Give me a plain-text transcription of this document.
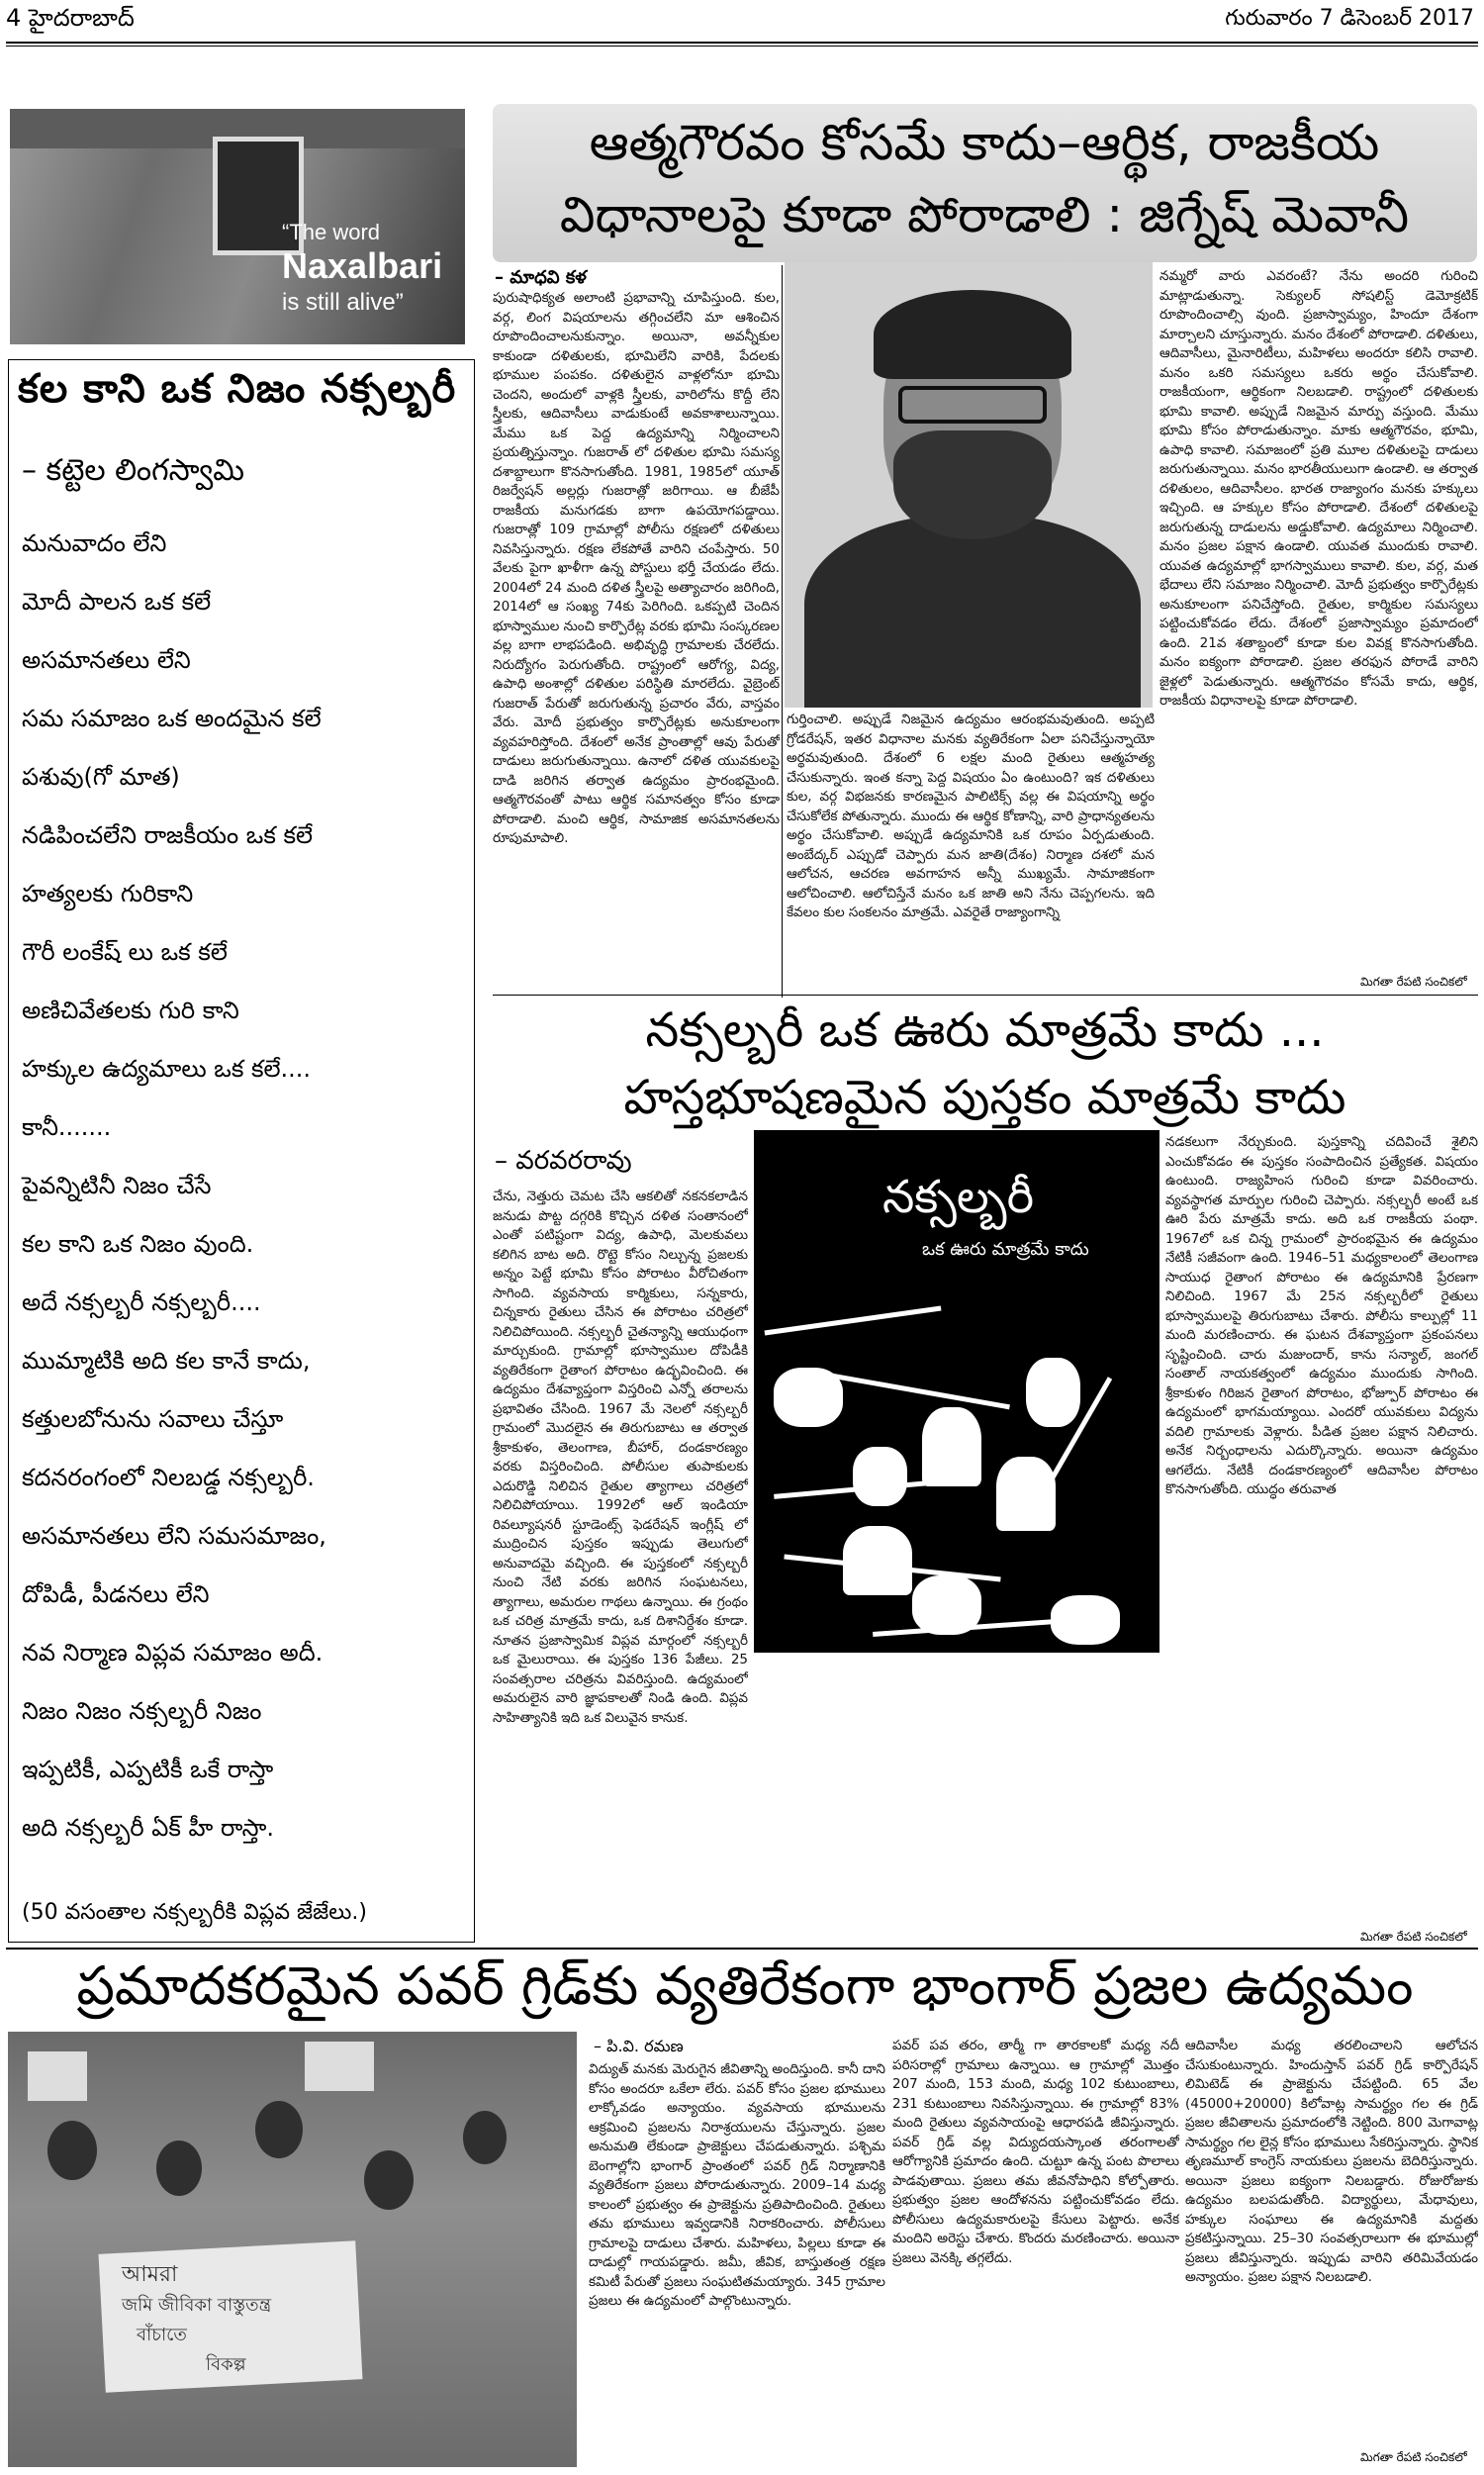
4 హైదరాబాద్	గురువారం 7 డిసెంబర్ 2017
“The word
Naxalbari
is still alive”
కల కాని ఒక నిజం నక్సల్బరీ
– కట్టెల లింగస్వామి
మనువాదం లేని
మోదీ పాలన ఒక కలే
అసమానతలు లేని
సమ సమాజం ఒక అందమైన కలే
పశువు(గో మాత)
నడిపించలేని రాజకీయం ఒక కలే
హత్యలకు గురికాని
గౌరీ లంకేష్ లు ఒక కలే
అణిచివేతలకు గురి కాని
హక్కుల ఉద్యమాలు ఒక కలే....
కానీ.......
పైవన్నిటినీ నిజం చేసే
కల కాని ఒక నిజం వుంది.
అదే నక్సల్బరీ నక్సల్బరీ....
ముమ్మాటికి అది కల కానే కాదు,
కత్తులబోనును సవాలు చేస్తూ
కదనరంగంలో నిలబడ్డ నక్సల్బరీ.
అసమానతలు లేని సమసమాజం,
దోపిడీ, పీడనలు లేని
నవ నిర్మాణ విప్లవ సమాజం అదీ.
నిజం నిజం నక్సల్బరీ నిజం
ఇప్పటికీ, ఎప్పటికీ ఒకే రాస్తా
అది నక్సల్బరీ ఏక్ హీ రాస్తా.
(50 వసంతాల నక్సల్బరీకి విప్లవ జేజేలు.)
ఆత్మగౌరవం కోసమే కాదు–ఆర్థిక, రాజకీయ
విధానాలపై కూడా పోరాడాలి : జిగ్నేష్ మెవానీ
– మాధవి కళ
పురుషాధిక్యత అలాంటి ప్రభావాన్ని చూపిస్తుంది. కుల, వర్గ, లింగ విషయాలను తగ్గించలేని మా ఆశించిన రూపొందించాలనుకున్నాం. అయినా, అవన్నీకుల కాకుండా దళితులకు, భూమిలేని వారికి, పేదలకు భూముల పంపకం. దళితులైన వాళ్లలోనూ భూమి చెందని, అందులో వాళ్లకి స్త్రీలకు, వారిలోను కొద్దీ లేని స్త్రీలకు, ఆదివాసీలు వాడుకుంటే అవకాశాలున్నాయి. మేము ఒక పెద్ద ఉద్యమాన్ని నిర్మించాలని ప్రయత్నిస్తున్నాం. గుజరాత్ లో దళితుల భూమి సమస్య దశాబ్దాలుగా కొనసాగుతోంది. 1981, 1985లో యూత్ రిజర్వేషన్ అల్లర్లు గుజరాత్లో జరిగాయి. ఆ బీజేపీ రాజకీయ మనుగడకు బాగా ఉపయోగపడ్డాయి. గుజరాత్లో 109 గ్రామాల్లో పోలీసు రక్షణలో దళితులు నివసిస్తున్నారు. రక్షణ లేకపోతే వారిని చంపేస్తారు. 50 వేలకు పైగా ఖాళీగా ఉన్న పోస్టులు భర్తీ చేయడం లేదు. 2004లో 24 మంది దళిత స్త్రీలపై అత్యాచారం జరిగింది, 2014లో ఆ సంఖ్య 74కు పెరిగింది. ఒకప్పటి చెందిన భూస్వాముల నుంచి కార్పొరేట్ల వరకు భూమి సంస్కరణల వల్ల బాగా లాభపడింది. అభివృద్ధి గ్రామాలకు చేరలేదు. నిరుద్యోగం పెరుగుతోంది. రాష్ట్రంలో ఆరోగ్య, విద్య, ఉపాధి అంశాల్లో దళితుల పరిస్థితి మారలేదు. వైబ్రెంట్ గుజరాత్ పేరుతో జరుగుతున్న ప్రచారం వేరు, వాస్తవం వేరు. మోదీ ప్రభుత్వం కార్పొరేట్లకు అనుకూలంగా వ్యవహరిస్తోంది. దేశంలో అనేక ప్రాంతాల్లో ఆవు పేరుతో దాడులు జరుగుతున్నాయి. ఉనాలో దళిత యువకులపై దాడి జరిగిన తర్వాత ఉద్యమం ప్రారంభమైంది. ఆత్మగౌరవంతో పాటు ఆర్థిక సమానత్వం కోసం కూడా పోరాడాలి. మంచి ఆర్థిక, సామాజిక అసమానతలను రూపుమాపాలి.
గుర్తించాలి. అప్పుడే నిజమైన ఉద్యమం ఆరంభమవుతుంది. అప్పటి గ్రోడరేషన్, ఇతర విధానాల మనకు వ్యతిరేకంగా ఏలా పనిచేస్తున్నాయో అర్థమవుతుంది. దేశంలో 6 లక్షల మంది రైతులు ఆత్మహత్య చేసుకున్నారు. ఇంత కన్నా పెద్ద విషయం ఏం ఉంటుంది? ఇక దళితులు కుల, వర్గ విభజనకు కారణమైన పాలిటిక్స్ వల్ల ఈ విషయాన్ని అర్థం చేసుకోలేక పోతున్నారు. ముందు ఈ ఆర్థిక కోణాన్ని, వారి ప్రాధాన్యతలను అర్థం చేసుకోవాలి. అప్పుడే ఉద్యమానికి ఒక రూపం ఏర్పడుతుంది. అంబేద్కర్ ఎప్పుడో చెప్పారు మన జాతి(దేశం) నిర్మాణ దశలో మన ఆలోచన, ఆచరణ అవగాహన అన్నీ ముఖ్యమే. సామాజికంగా ఆలోచించాలి. ఆలోచిస్తేనే మనం ఒక జాతి అని నేను చెప్పగలను. ఇది కేవలం కుల సంకలనం మాత్రమే. ఎవరైతే రాజ్యాంగాన్ని
నమ్మరో వారు ఎవరంటే? నేను అందరి గురించి మాట్లాడుతున్నా. సెక్యులర్ సోషలిస్ట్ డెమోక్రటిక్ రూపొందించాల్సి వుంది. ప్రజాస్వామ్యం, హిందూ దేశంగా మార్చాలని చూస్తున్నారు. మనం దేశంలో పోరాడాలి. దళితులు, ఆదివాసీలు, మైనారిటీలు, మహిళలు అందరూ కలిసి రావాలి. మనం ఒకరి సమస్యలు ఒకరు అర్థం చేసుకోవాలి. రాజకీయంగా, ఆర్థికంగా నిలబడాలి. రాష్ట్రంలో దళితులకు భూమి కావాలి. అప్పుడే నిజమైన మార్పు వస్తుంది. మేము భూమి కోసం పోరాడుతున్నాం. మాకు ఆత్మగౌరవం, భూమి, ఉపాధి కావాలి. సమాజంలో ప్రతి మూల దళితులపై దాడులు జరుగుతున్నాయి. మనం భారతీయులుగా ఉండాలి. ఆ తర్వాత దళితులం, ఆదివాసీలం. భారత రాజ్యాంగం మనకు హక్కులు ఇచ్చింది. ఆ హక్కుల కోసం పోరాడాలి. దేశంలో దళితులపై జరుగుతున్న దాడులను అడ్డుకోవాలి. ఉద్యమాలు నిర్మించాలి. మనం ప్రజల పక్షాన ఉండాలి. యువత ముందుకు రావాలి. యువత ఉద్యమాల్లో భాగస్వాములు కావాలి. కుల, వర్గ, మత భేదాలు లేని సమాజం నిర్మించాలి. మోదీ ప్రభుత్వం కార్పొరేట్లకు అనుకూలంగా పనిచేస్తోంది. రైతుల, కార్మికుల సమస్యలు పట్టించుకోవడం లేదు. దేశంలో ప్రజాస్వామ్యం ప్రమాదంలో ఉంది. 21వ శతాబ్దంలో కూడా కుల వివక్ష కొనసాగుతోంది. మనం ఐక్యంగా పోరాడాలి. ప్రజల తరఫున పోరాడే వారిని జైళ్లలో పెడుతున్నారు. ఆత్మగౌరవం కోసమే కాదు, ఆర్థిక, రాజకీయ విధానాలపై కూడా పోరాడాలి.
మిగతా రేపటి సంచికలో
నక్సల్బరీ ఒక ఊరు మాత్రమే కాదు ...
హస్తభూషణమైన పుస్తకం మాత్రమే కాదు
– వరవరరావు
చేను, నెత్తురు చెమట చేసి ఆకలితో నకనకలాడిన జనుడు పొట్ట దగ్గరికి కొచ్చిన దళిత సంతానంలో ఎంతో పటిష్టంగా విద్య, ఉపాధి, మెలకువలు కలిగిన బాట అది. రొట్టె కోసం నిల్చున్న ప్రజలకు అన్నం పెట్టే భూమి కోసం పోరాటం వీరోచితంగా సాగింది. వ్యవసాయ కార్మికులు, సన్నకారు, చిన్నకారు రైతులు చేసిన ఈ పోరాటం చరిత్రలో నిలిచిపోయింది. నక్సల్బరీ చైతన్యాన్ని ఆయుధంగా మార్చుకుంది. గ్రామాల్లో భూస్వాముల దోపిడీకి వ్యతిరేకంగా రైతాంగ పోరాటం ఉద్భవించింది. ఈ ఉద్యమం దేశవ్యాప్తంగా విస్తరించి ఎన్నో తరాలను ప్రభావితం చేసింది. 1967 మే నెలలో నక్సల్బరీ గ్రామంలో మొదలైన ఈ తిరుగుబాటు ఆ తర్వాత శ్రీకాకుళం, తెలంగాణ, బీహార్, దండకారణ్యం వరకు విస్తరించింది. పోలీసుల తుపాకులకు ఎదురొడ్డి నిలిచిన రైతుల త్యాగాలు చరిత్రలో నిలిచిపోయాయి. 1992లో ఆల్ ఇండియా రివల్యూషనరీ స్టూడెంట్స్ ఫెడరేషన్ ఇంగ్లీష్ లో ముద్రించిన పుస్తకం ఇప్పుడు తెలుగులో అనువాదమై వచ్చింది. ఈ పుస్తకంలో నక్సల్బరీ నుంచి నేటి వరకు జరిగిన సంఘటనలు, త్యాగాలు, అమరుల గాథలు ఉన్నాయి. ఈ గ్రంథం ఒక చరిత్ర మాత్రమే కాదు, ఒక దిశానిర్దేశం కూడా. నూతన ప్రజాస్వామిక విప్లవ మార్గంలో నక్సల్బరీ ఒక మైలురాయి. ఈ పుస్తకం 136 పేజీలు. 25 సంవత్సరాల చరిత్రను వివరిస్తుంది. ఉద్యమంలో అమరులైన వారి జ్ఞాపకాలతో నిండి ఉంది. విప్లవ సాహిత్యానికి ఇది ఒక విలువైన కానుక.
నక్సల్బరీ
ఒక ఊరు మాత్రమే కాదు
నడకలుగా నేర్చుకుంది. పుస్తకాన్ని చదివించే శైలిని ఎంచుకోవడం ఈ పుస్తకం సంపాదించిన ప్రత్యేకత. విషయం ఉంటుంది. రాజ్యహింస గురించి కూడా వివరించారు. వ్యవస్థాగత మార్పుల గురించి చెప్పారు. నక్సల్బరీ అంటే ఒక ఊరి పేరు మాత్రమే కాదు. అది ఒక రాజకీయ పంథా. 1967లో ఒక చిన్న గ్రామంలో ప్రారంభమైన ఈ ఉద్యమం నేటికీ సజీవంగా ఉంది. 1946–51 మధ్యకాలంలో తెలంగాణ సాయుధ రైతాంగ పోరాటం ఈ ఉద్యమానికి ప్రేరణగా నిలిచింది. 1967 మే 25న నక్సల్బరీలో రైతులు భూస్వాములపై తిరుగుబాటు చేశారు. పోలీసు కాల్పుల్లో 11 మంది మరణించారు. ఈ ఘటన దేశవ్యాప్తంగా ప్రకంపనలు సృష్టించింది. చారు మజుందార్, కాను సన్యాల్, జంగల్ సంతాల్ నాయకత్వంలో ఉద్యమం ముందుకు సాగింది. శ్రీకాకుళం గిరిజన రైతాంగ పోరాటం, భోజ్పూర్ పోరాటం ఈ ఉద్యమంలో భాగమయ్యాయి. ఎందరో యువకులు విద్యను వదిలి గ్రామాలకు వెళ్లారు. పీడిత ప్రజల పక్షాన నిలిచారు. అనేక నిర్బంధాలను ఎదుర్కొన్నారు. అయినా ఉద్యమం ఆగలేదు. నేటికీ దండకారణ్యంలో ఆదివాసీల పోరాటం కొనసాగుతోంది. యుద్ధం తరువాత
మిగతా రేపటి సంచికలో
ప్రమాదకరమైన పవర్ గ్రిడ్‌కు వ్యతిరేకంగా భాంగార్ ప్రజల ఉద్యమం
আমরা
জমি জীবিকা বাস্তুতন্ত্র
বাঁচাতে
বিকল্প
– పి.వి. రమణ
విద్యుత్ మనకు మెరుగైన జీవితాన్ని అందిస్తుంది. కానీ దాని కోసం అందరూ ఒకేలా లేరు. పవర్ కోసం ప్రజల భూములు లాక్కోవడం అన్యాయం. వ్యవసాయ భూములను ఆక్రమించి ప్రజలను నిరాశ్రయులను చేస్తున్నారు. ప్రజల అనుమతి లేకుండా ప్రాజెక్టులు చేపడుతున్నారు. పశ్చిమ బెంగాల్లోని భాంగార్ ప్రాంతంలో పవర్ గ్రిడ్ నిర్మాణానికి వ్యతిరేకంగా ప్రజలు పోరాడుతున్నారు. 2009–14 మధ్య కాలంలో ప్రభుత్వం ఈ ప్రాజెక్టును ప్రతిపాదించింది. రైతులు తమ భూములు ఇవ్వడానికి నిరాకరించారు. పోలీసులు గ్రామాలపై దాడులు చేశారు. మహిళలు, పిల్లలు కూడా ఈ దాడుల్లో గాయపడ్డారు. జమీ, జీవిక, బాస్తుతంత్ర రక్షణ కమిటీ పేరుతో ప్రజలు సంఘటితమయ్యారు. 345 గ్రామాల ప్రజలు ఈ ఉద్యమంలో పాల్గొంటున్నారు.
పవర్ పవ తరం, తార్మీ గా తారకాలకో మధ్య నదీ పరిసరాల్లో గ్రామాలు ఉన్నాయి. ఆ గ్రామాల్లో మొత్తం 207 మంది, 153 మంది, మధ్య 102 కుటుంబాలు, 231 కుటుంబాలు నివసిస్తున్నాయి. ఈ గ్రామాల్లో 83% మంది రైతులు వ్యవసాయంపై ఆధారపడి జీవిస్తున్నారు. పవర్ గ్రిడ్ వల్ల విద్యుదయస్కాంత తరంగాలతో ఆరోగ్యానికి ప్రమాదం ఉంది. చుట్టూ ఉన్న పంట పొలాలు పాడవుతాయి. ప్రజలు తమ జీవనోపాధిని కోల్పోతారు. ప్రభుత్వం ప్రజల ఆందోళనను పట్టించుకోవడం లేదు. పోలీసులు ఉద్యమకారులపై కేసులు పెట్టారు. అనేక మందిని అరెస్టు చేశారు. కొందరు మరణించారు. అయినా ప్రజలు వెనక్కి తగ్గలేదు.
ఆదివాసీల మధ్య తరలించాలని ఆలోచన చేసుకుంటున్నారు. హిందుస్తాన్ పవర్ గ్రిడ్ కార్పొరేషన్ లిమిటెడ్ ఈ ప్రాజెక్టును చేపట్టింది. 65 వేల (45000+20000) కిలోవాట్ల సామర్థ్యం గల ఈ గ్రిడ్ ప్రజల జీవితాలను ప్రమాదంలోకి నెట్టింది. 800 మెగావాట్ల సామర్థ్యం గల లైన్ల కోసం భూములు సేకరిస్తున్నారు. స్థానిక తృణమూల్ కాంగ్రెస్ నాయకులు ప్రజలను బెదిరిస్తున్నారు. అయినా ప్రజలు ఐక్యంగా నిలబడ్డారు. రోజురోజుకు ఉద్యమం బలపడుతోంది. విద్యార్థులు, మేధావులు, హక్కుల సంఘాలు ఈ ఉద్యమానికి మద్దతు ప్రకటిస్తున్నాయి. 25–30 సంవత్సరాలుగా ఈ భూముల్లో ప్రజలు జీవిస్తున్నారు. ఇప్పుడు వారిని తరిమివేయడం అన్యాయం. ప్రజల పక్షాన నిలబడాలి.
మిగతా రేపటి సంచికలో
